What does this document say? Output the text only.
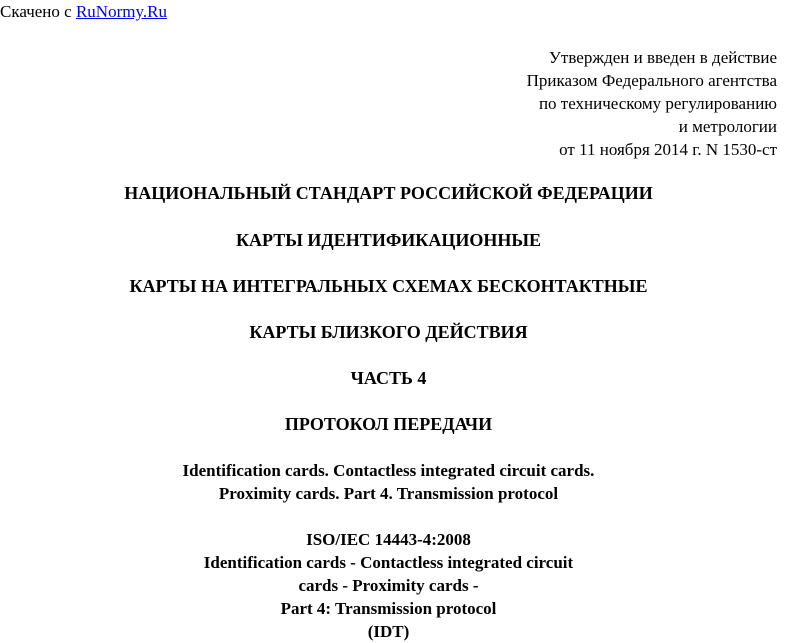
Скачено с RuNormy.Ru
Утвержден и введен в действие
Приказом Федерального агентства
по техническому регулированию
и метрологии
от 11 ноября 2014 г. N 1530-ст
НАЦИОНАЛЬНЫЙ СТАНДАРТ РОССИЙСКОЙ ФЕДЕРАЦИИ
КАРТЫ ИДЕНТИФИКАЦИОННЫЕ
КАРТЫ НА ИНТЕГРАЛЬНЫХ СХЕМАХ БЕСКОНТАКТНЫЕ
КАРТЫ БЛИЗКОГО ДЕЙСТВИЯ
ЧАСТЬ 4
ПРОТОКОЛ ПЕРЕДАЧИ
Identification cards. Contactless integrated circuit cards.
Proximity cards. Part 4. Transmission protocol
ISO/IEC 14443-4:2008
Identification cards - Contactless integrated circuit
cards - Proximity cards -
Part 4: Transmission protocol
(IDT)
